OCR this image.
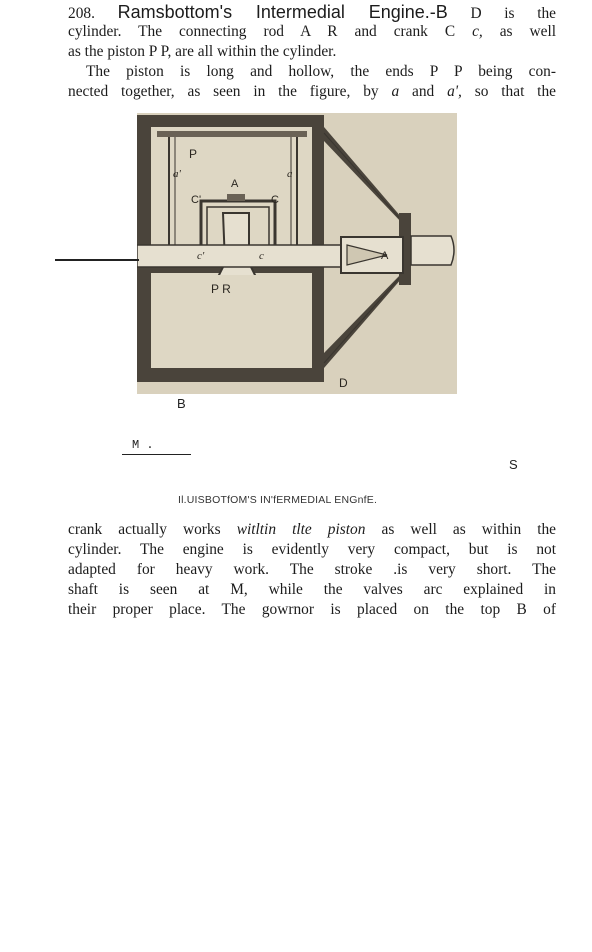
208. Ramsbottom's Intermedial Engine.-B D is the
cylinder. The connecting rod A R and crank C c, as well
as the piston P P, are all within the cylinder.
The piston is long and hollow, the ends P P being con-
nected together, as seen in the figure, by a and a', so that the
P
a'	a
A
C'	C
c'	c
P R
D
A
B
M .
S
Il.UISBOTfOM'S IN'fERMEDIAL ENGnfE.
crank actually works witltin tlte piston as well as within the
cylinder. The engine is evidently very compact, but is not
adapted for heavy work. The stroke .is very short. The
shaft is seen at M, while the valves arc explained in
their proper place. The gowrnor is placed on the top B of
